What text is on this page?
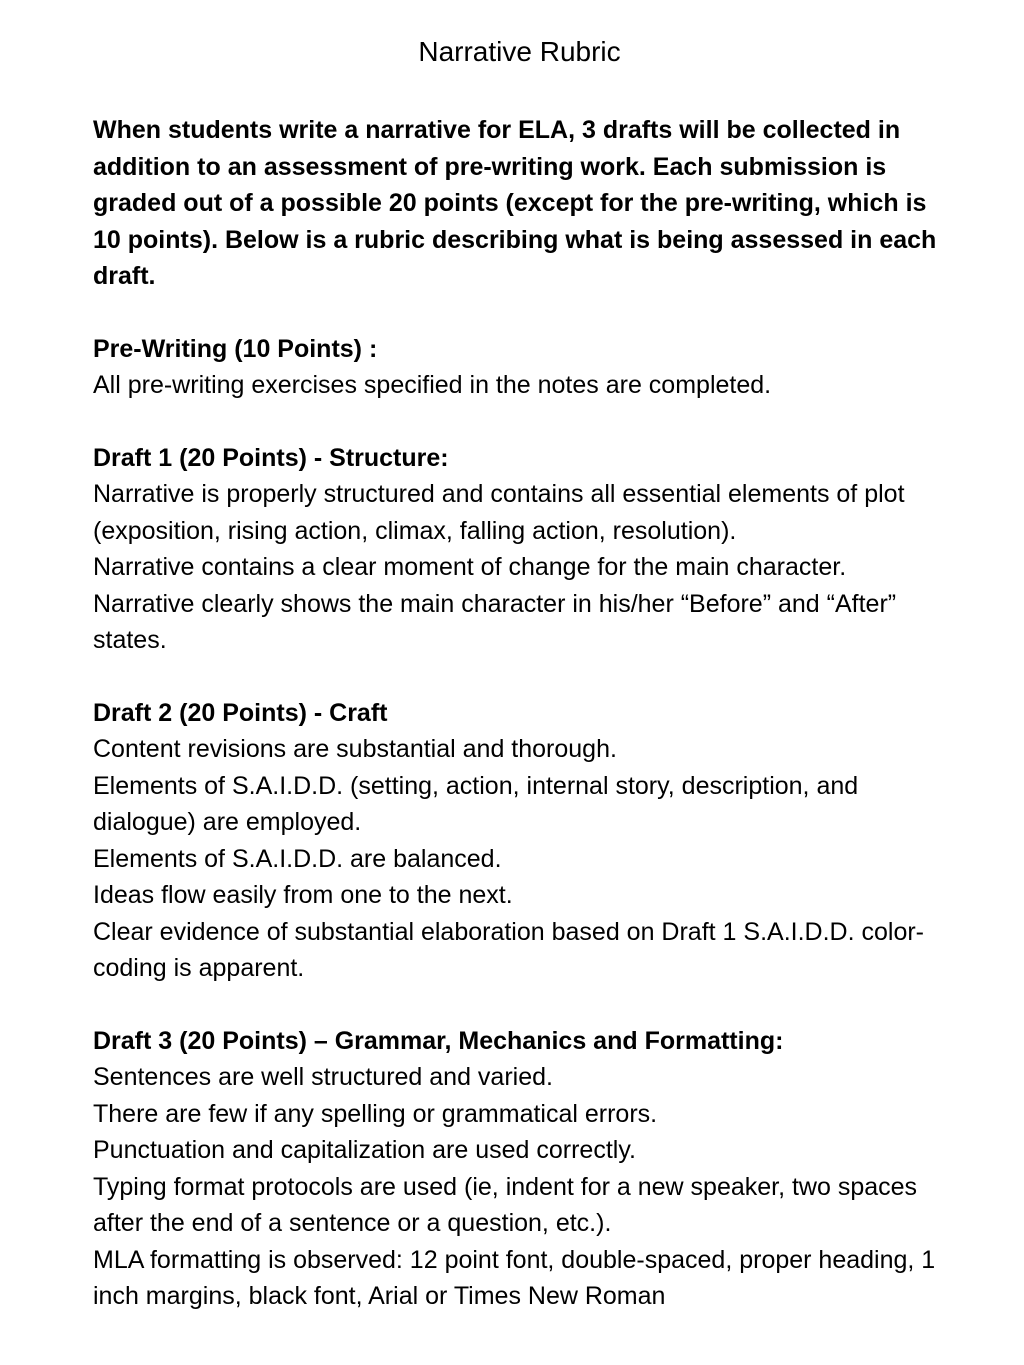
Narrative Rubric

When students write a narrative for ELA, 3 drafts will be collected in addition to an assessment of pre-writing work. Each submission is graded out of a possible 20 points (except for the pre-writing, which is 10 points). Below is a rubric describing what is being assessed in each draft.

Pre-Writing (10 Points) :

All pre-writing exercises specified in the notes are completed.

Draft 1 (20 Points) - Structure:

Narrative is properly structured and contains all essential elements of plot (exposition, rising action, climax, falling action, resolution).

Narrative contains a clear moment of change for the main character.

Narrative clearly shows the main character in his/her “Before” and “After” states.

Draft 2 (20 Points) - Craft

Content revisions are substantial and thorough.

Elements of S.A.I.D.D. (setting, action, internal story, description, and dialogue) are employed.

Elements of S.A.I.D.D. are balanced.

Ideas flow easily from one to the next.

Clear evidence of substantial elaboration based on Draft 1 S.A.I.D.D. color-coding is apparent.

Draft 3 (20 Points) – Grammar, Mechanics and Formatting:

Sentences are well structured and varied.

There are few if any spelling or grammatical errors.

Punctuation and capitalization are used correctly.

Typing format protocols are used (ie, indent for a new speaker, two spaces after the end of a sentence or a question, etc.).

MLA formatting is observed: 12 point font, double-spaced, proper heading, 1 inch margins, black font, Arial or Times New Roman
